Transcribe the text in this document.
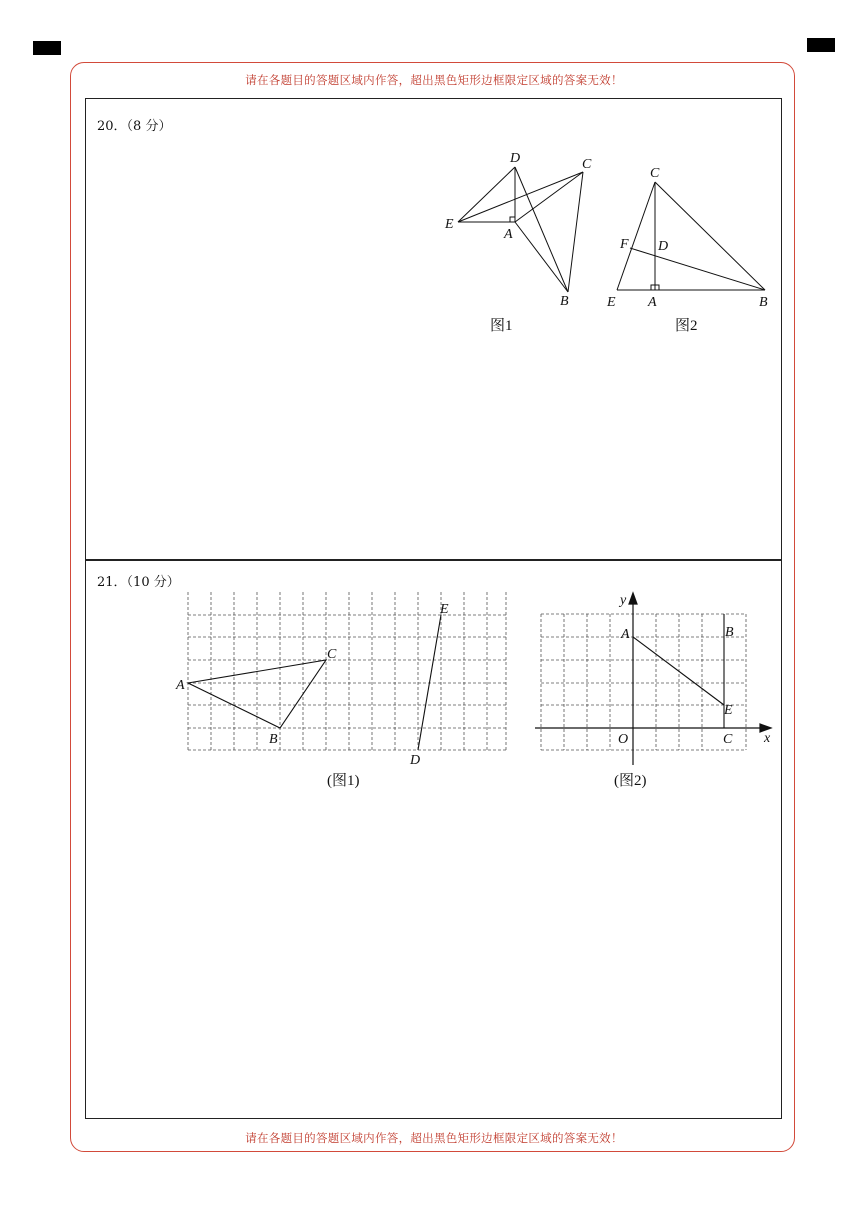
请在各题目的答题区域内作答，超出黑色矩形边框限定区域的答案无效！
请在各题目的答题区域内作答，超出黑色矩形边框限定区域的答案无效！
20．（8 分）
21．（10 分）
D	C
E
A
B
图1
C
F D
E A	B
图2
A
B
C
D
E
(图1)
y
x
A	B
E
O	C
(图2)
